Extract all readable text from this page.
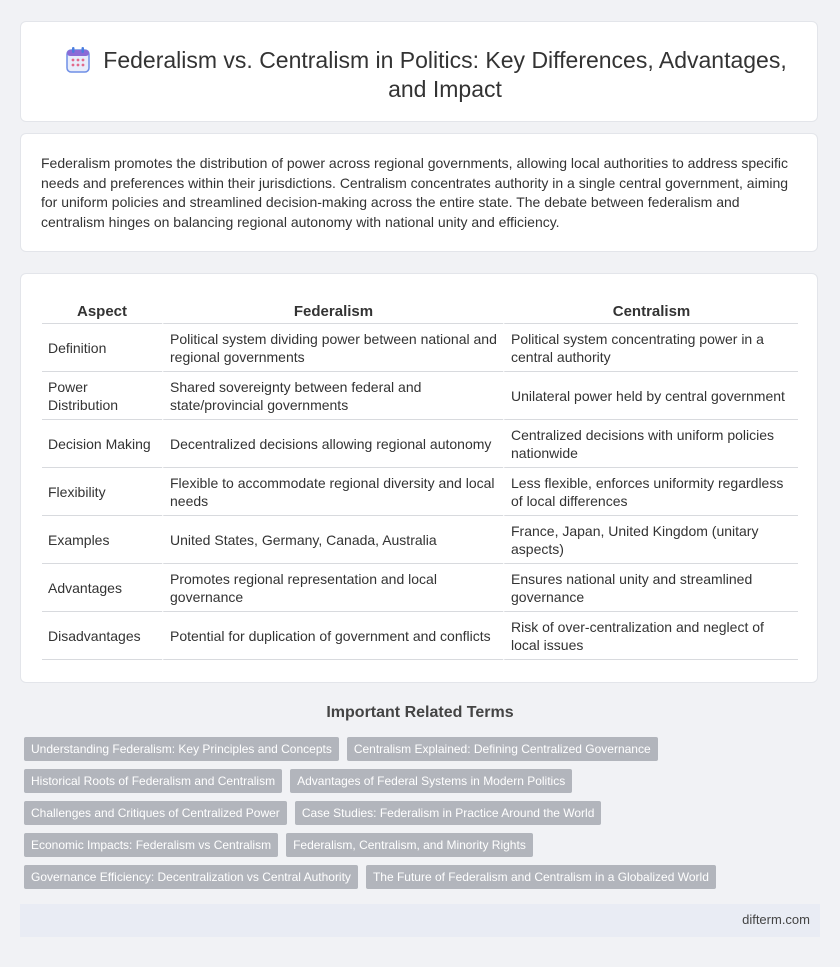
Federalism vs. Centralism in Politics: Key Differences, Advantages, and Impact

Federalism promotes the distribution of power across regional governments, allowing local authorities to address specific needs and preferences within their jurisdictions. Centralism concentrates authority in a single central government, aiming for uniform policies and streamlined decision-making across the entire state. The debate between federalism and centralism hinges on balancing regional autonomy with national unity and efficiency.

Aspect	Federalism	Centralism
Definition	Political system dividing power between national and regional governments	Political system concentrating power in a central authority
Power Distribution	Shared sovereignty between federal and state/provincial governments	Unilateral power held by central government
Decision Making	Decentralized decisions allowing regional autonomy	Centralized decisions with uniform policies nationwide
Flexibility	Flexible to accommodate regional diversity and local needs	Less flexible, enforces uniformity regardless of local differences
Examples	United States, Germany, Canada, Australia	France, Japan, United Kingdom (unitary aspects)
Advantages	Promotes regional representation and local governance	Ensures national unity and streamlined governance
Disadvantages	Potential for duplication of government and conflicts	Risk of over-centralization and neglect of local issues
Important Related Terms
Understanding Federalism: Key Principles and Concepts	Centralism Explained: Defining Centralized Governance
Historical Roots of Federalism and Centralism	Advantages of Federal Systems in Modern Politics
Challenges and Critiques of Centralized Power	Case Studies: Federalism in Practice Around the World
Economic Impacts: Federalism vs Centralism	Federalism, Centralism, and Minority Rights
Governance Efficiency: Decentralization vs Central Authority	The Future of Federalism and Centralism in a Globalized World
difterm.com
